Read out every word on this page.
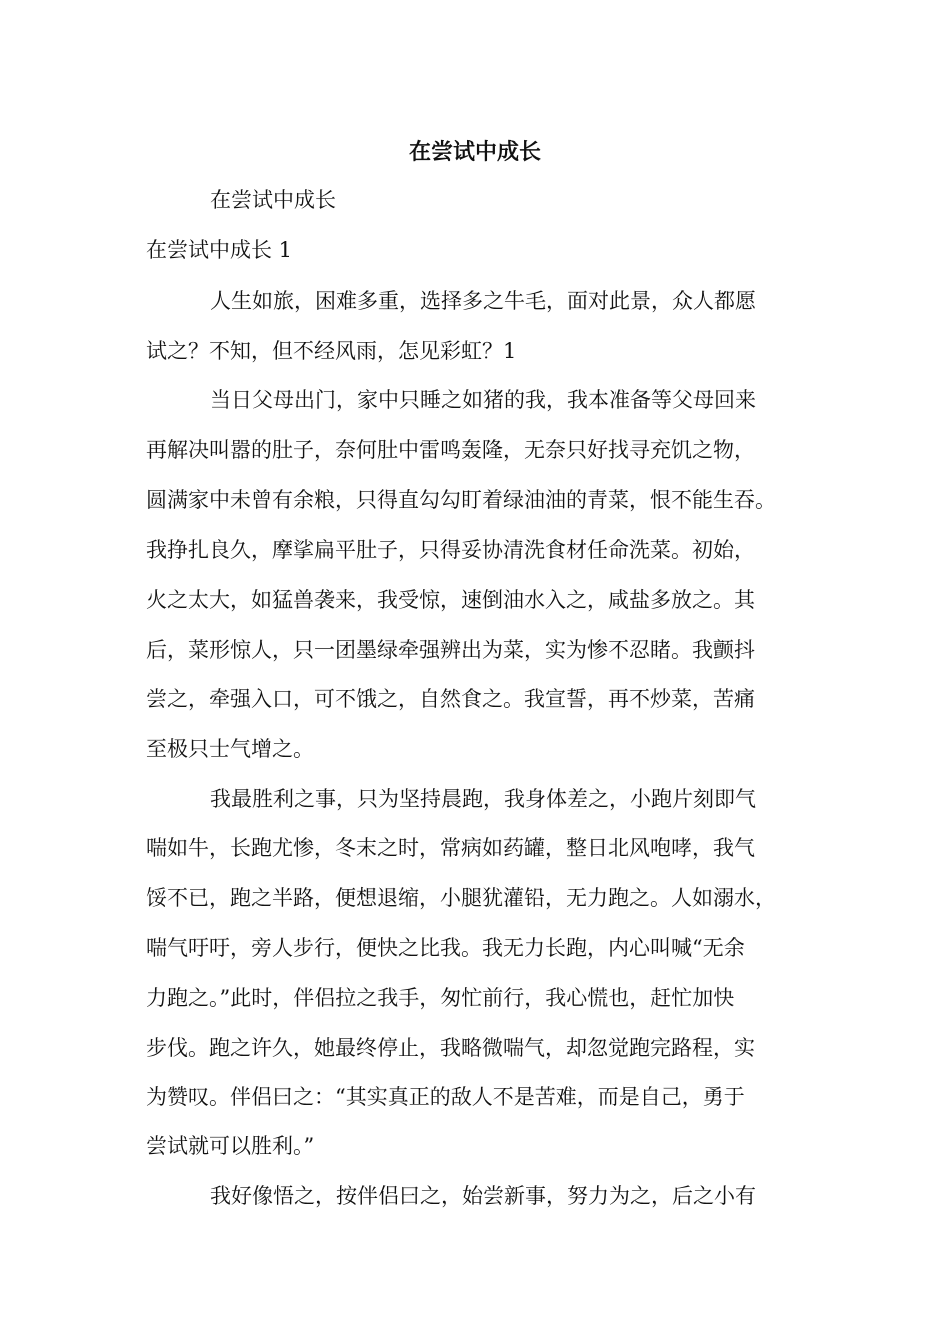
在尝试中成长

在尝试中成长

在尝试中成长 1

人生如旅，困难多重，选择多之牛毛，面对此景，众人都愿

试之？不知，但不经风雨，怎见彩虹？1

当日父母出门，家中只睡之如猪的我，我本准备等父母回来

再解决叫嚣的肚子，奈何肚中雷鸣轰隆，无奈只好找寻充饥之物，

圆满家中未曾有余粮，只得直勾勾盯着绿油油的青菜，恨不能生吞。

我挣扎良久，摩挲扁平肚子，只得妥协清洗食材任命洗菜。初始，

火之太大，如猛兽袭来，我受惊，速倒油水入之，咸盐多放之。其

后，菜形惊人，只一团墨绿牵强辨出为菜，实为惨不忍睹。我颤抖

尝之，牵强入口，可不饿之，自然食之。我宣誓，再不炒菜，苦痛

至极只士气增之。

我最胜利之事，只为坚持晨跑，我身体差之，小跑片刻即气

喘如牛，长跑尤惨，冬末之时，常病如药罐，整日北风咆哮，我气

馁不已，跑之半路，便想退缩，小腿犹灌铅，无力跑之。人如溺水，

喘气吁吁，旁人步行，便快之比我。我无力长跑，内心叫喊“无余

力跑之。”此时，伴侣拉之我手，匆忙前行，我心慌也，赶忙加快

步伐。跑之许久，她最终停止，我略微喘气，却忽觉跑完路程，实

为赞叹。伴侣曰之：“其实真正的敌人不是苦难，而是自己，勇于

尝试就可以胜利。”

我好像悟之，按伴侣曰之，始尝新事，努力为之，后之小有
